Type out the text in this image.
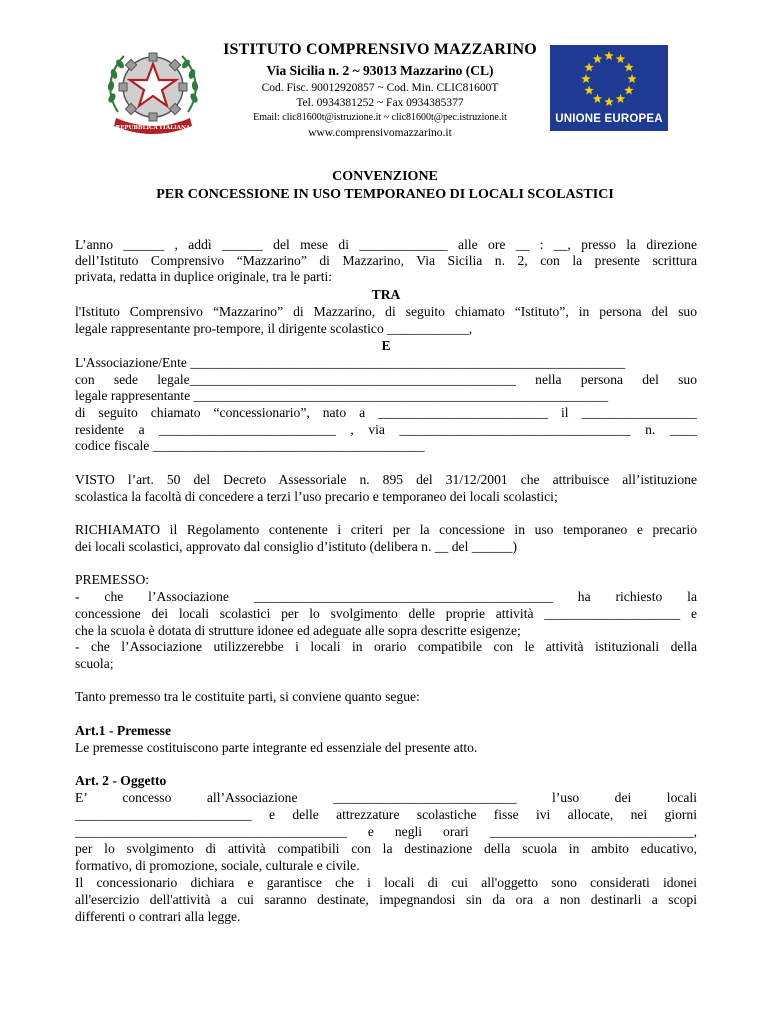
REPUBBLICA ITALIANA
ISTITUTO COMPRENSIVO MAZZARINO
Via Sicilia n. 2 ~ 93013 Mazzarino (CL)
Cod. Fisc. 90012920857 ~ Cod. Min. CLIC81600T
Tel. 0934381252 ~ Fax 0934385377
Email: clic81600t@istruzione.it ~ clic81600t@pec.istruzione.it
www.comprensivomazzarino.it
UNIONE EUROPEA
CONVENZIONE
PER CONCESSIONE IN USO TEMPORANEO DI LOCALI SCOLASTICI
L’anno ______ , addì ______ del mese di _____________ alle ore __ : __, presso la direzione
dell’Istituto Comprensivo “Mazzarino” di Mazzarino, Via Sicilia n. 2, con la presente scrittura
privata, redatta in duplice originale, tra le parti:
TRA
l'Istituto Comprensivo “Mazzarino” di Mazzarino, di seguito chiamato “Istituto”, in persona del suo
legale rappresentante pro-tempore, il dirigente scolastico ____________,
E
L'Associazione/Ente ________________________________________________________________
con sede legale________________________________________________ nella persona del suo
legale rappresentante _____________________________________________________________
di seguito chiamato “concessionario”, nato a _________________________ il _________________
residente a __________________________ , via __________________________________ n. ____
codice fiscale ________________________________________
VISTO l’art. 50 del Decreto Assessoriale n. 895 del 31/12/2001 che attribuisce all’istituzione
scolastica la facoltà di concedere a terzi l’uso precario e temporaneo dei locali scolastici;
RICHIAMATO il Regolamento contenente i criteri per la concessione in uso temporaneo e precario
dei locali scolastici, approvato dal consiglio d’istituto (delibera n. __ del ______)
PREMESSO:
- che l’Associazione ____________________________________________ ha richiesto la
concessione dei locali scolastici per lo svolgimento delle proprie attività ____________________ e
che la scuola è dotata di strutture idonee ed adeguate alle sopra descritte esigenze;
- che l’Associazione utilizzerebbe i locali in orario compatibile con le attività istituzionali della
scuola;
Tanto premesso tra le costituite parti, si conviene quanto segue:
Art.1 - Premesse
Le premesse costituiscono parte integrante ed essenziale del presente atto.
Art. 2 - Oggetto
E’ concesso all’Associazione ___________________________ l’uso dei locali
__________________________ e delle attrezzature scolastiche fisse ivi allocate, nei giorni
________________________________________ e negli orari ______________________________,
per lo svolgimento di attività compatibili con la destinazione della scuola in ambito educativo,
formativo, di promozione, sociale, culturale e civile.
Il concessionario dichiara e garantisce che i locali di cui all'oggetto sono considerati idonei
all'esercizio dell'attività a cui saranno destinate, impegnandosi sin da ora a non destinarli a scopi
differenti o contrari alla legge.
